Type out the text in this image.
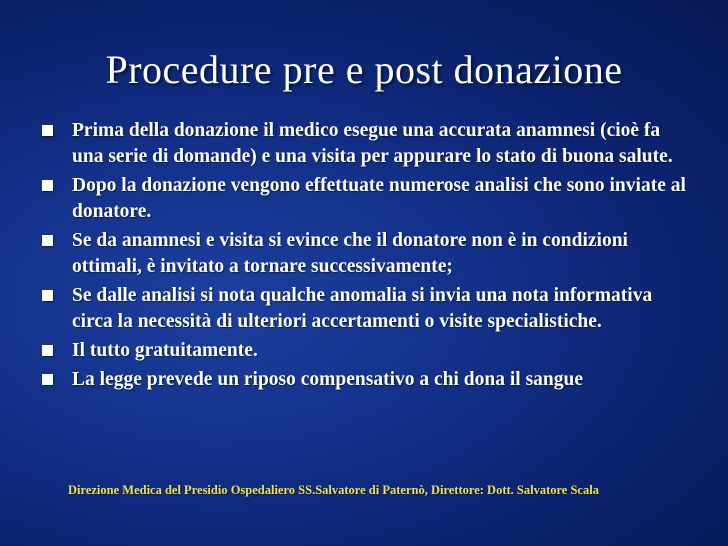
Procedure pre e post donazione
Prima della donazione il medico esegue una accurata anamnesi (cioè fa una serie di domande) e una visita per appurare lo stato di buona salute.
Dopo la donazione vengono effettuate numerose analisi che sono inviate al donatore.
Se da anamnesi e visita si evince che il donatore non è in condizioni ottimali, è invitato a tornare successivamente;
Se dalle analisi si nota qualche anomalia si invia una nota informativa circa la necessità di ulteriori accertamenti o visite specialistiche.
Il tutto gratuitamente.
La legge prevede un riposo compensativo a chi dona il sangue
Direzione Medica del Presidio Ospedaliero SS.Salvatore di Paternò, Direttore: Dott. Salvatore Scala
